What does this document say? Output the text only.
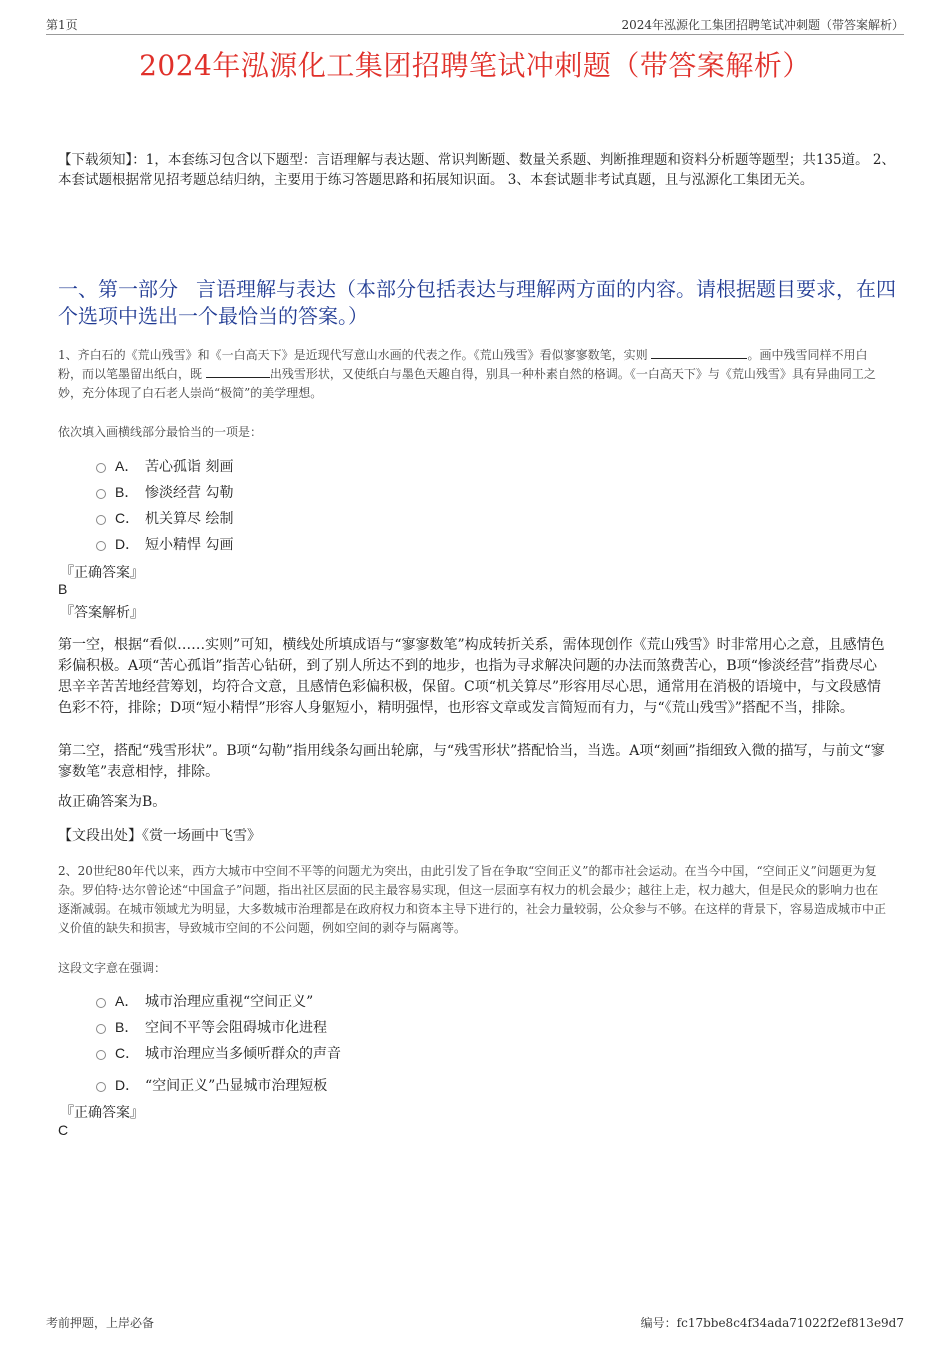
第1页	2024年泓源化工集团招聘笔试冲刺题（带答案解析）
2024年泓源化工集团招聘笔试冲刺题（带答案解析）
【下载须知】：1，本套练习包含以下题型：言语理解与表达题、常识判断题、数量关系题、判断推理题和资料分析题等题型；共135道。 2、本套试题根据常见招考题总结归纳，主要用于练习答题思路和拓展知识面。 3、本套试题非考试真题，且与泓源化工集团无关。
一、第一部分 言语理解与表达（本部分包括表达与理解两方面的内容。请根据题目要求，在四个选项中选出一个最恰当的答案。）
1、齐白石的《荒山残雪》和《一白高天下》是近现代写意山水画的代表之作。《荒山残雪》看似寥寥数笔，实则	。画中残雪同样不用白粉，而以笔墨留出纸白，既	出残雪形状，又使纸白与墨色天趣自得，别具一种朴素自然的格调。《一白高天下》与《荒山残雪》具有异曲同工之妙，充分体现了白石老人崇尚“极简”的美学理想。
依次填入画横线部分最恰当的一项是：
A． 苦心孤诣 刻画
B． 惨淡经营 勾勒
C． 机关算尽 绘制
D． 短小精悍 勾画
『正确答案』
B
『答案解析』
第一空，根据“看似……实则”可知，横线处所填成语与“寥寥数笔”构成转折关系，需体现创作《荒山残雪》时非常用心之意，且感情色彩偏积极。A项“苦心孤诣”指苦心钻研，到了别人所达不到的地步，也指为寻求解决问题的办法而煞费苦心，B项“惨淡经营”指费尽心思辛辛苦苦地经营筹划，均符合文意，且感情色彩偏积极，保留。C项“机关算尽”形容用尽心思，通常用在消极的语境中，与文段感情色彩不符，排除；D项“短小精悍”形容人身躯短小，精明强悍，也形容文章或发言简短而有力，与“《荒山残雪》”搭配不当，排除。
第二空，搭配“残雪形状”。B项“勾勒”指用线条勾画出轮廓，与“残雪形状”搭配恰当，当选。A项“刻画”指细致入微的描写，与前文“寥寥数笔”表意相悖，排除。
故正确答案为B。
【文段出处】《赏一场画中飞雪》
2、20世纪80年代以来，西方大城市中空间不平等的问题尤为突出，由此引发了旨在争取“空间正义”的都市社会运动。在当今中国，“空间正义”问题更为复杂。罗伯特·达尔曾论述“中国盒子”问题，指出社区层面的民主最容易实现，但这一层面享有权力的机会最少；越往上走，权力越大，但是民众的影响力也在逐渐减弱。在城市领域尤为明显，大多数城市治理都是在政府权力和资本主导下进行的，社会力量较弱，公众参与不够。在这样的背景下，容易造成城市中正义价值的缺失和损害，导致城市空间的不公问题，例如空间的剥夺与隔离等。
这段文字意在强调：
A． 城市治理应重视“空间正义”
B． 空间不平等会阻碍城市化进程
C． 城市治理应当多倾听群众的声音
D． “空间正义”凸显城市治理短板
『正确答案』
C
考前押题，上岸必备	编号：fc17bbe8c4f34ada71022f2ef813e9d7
